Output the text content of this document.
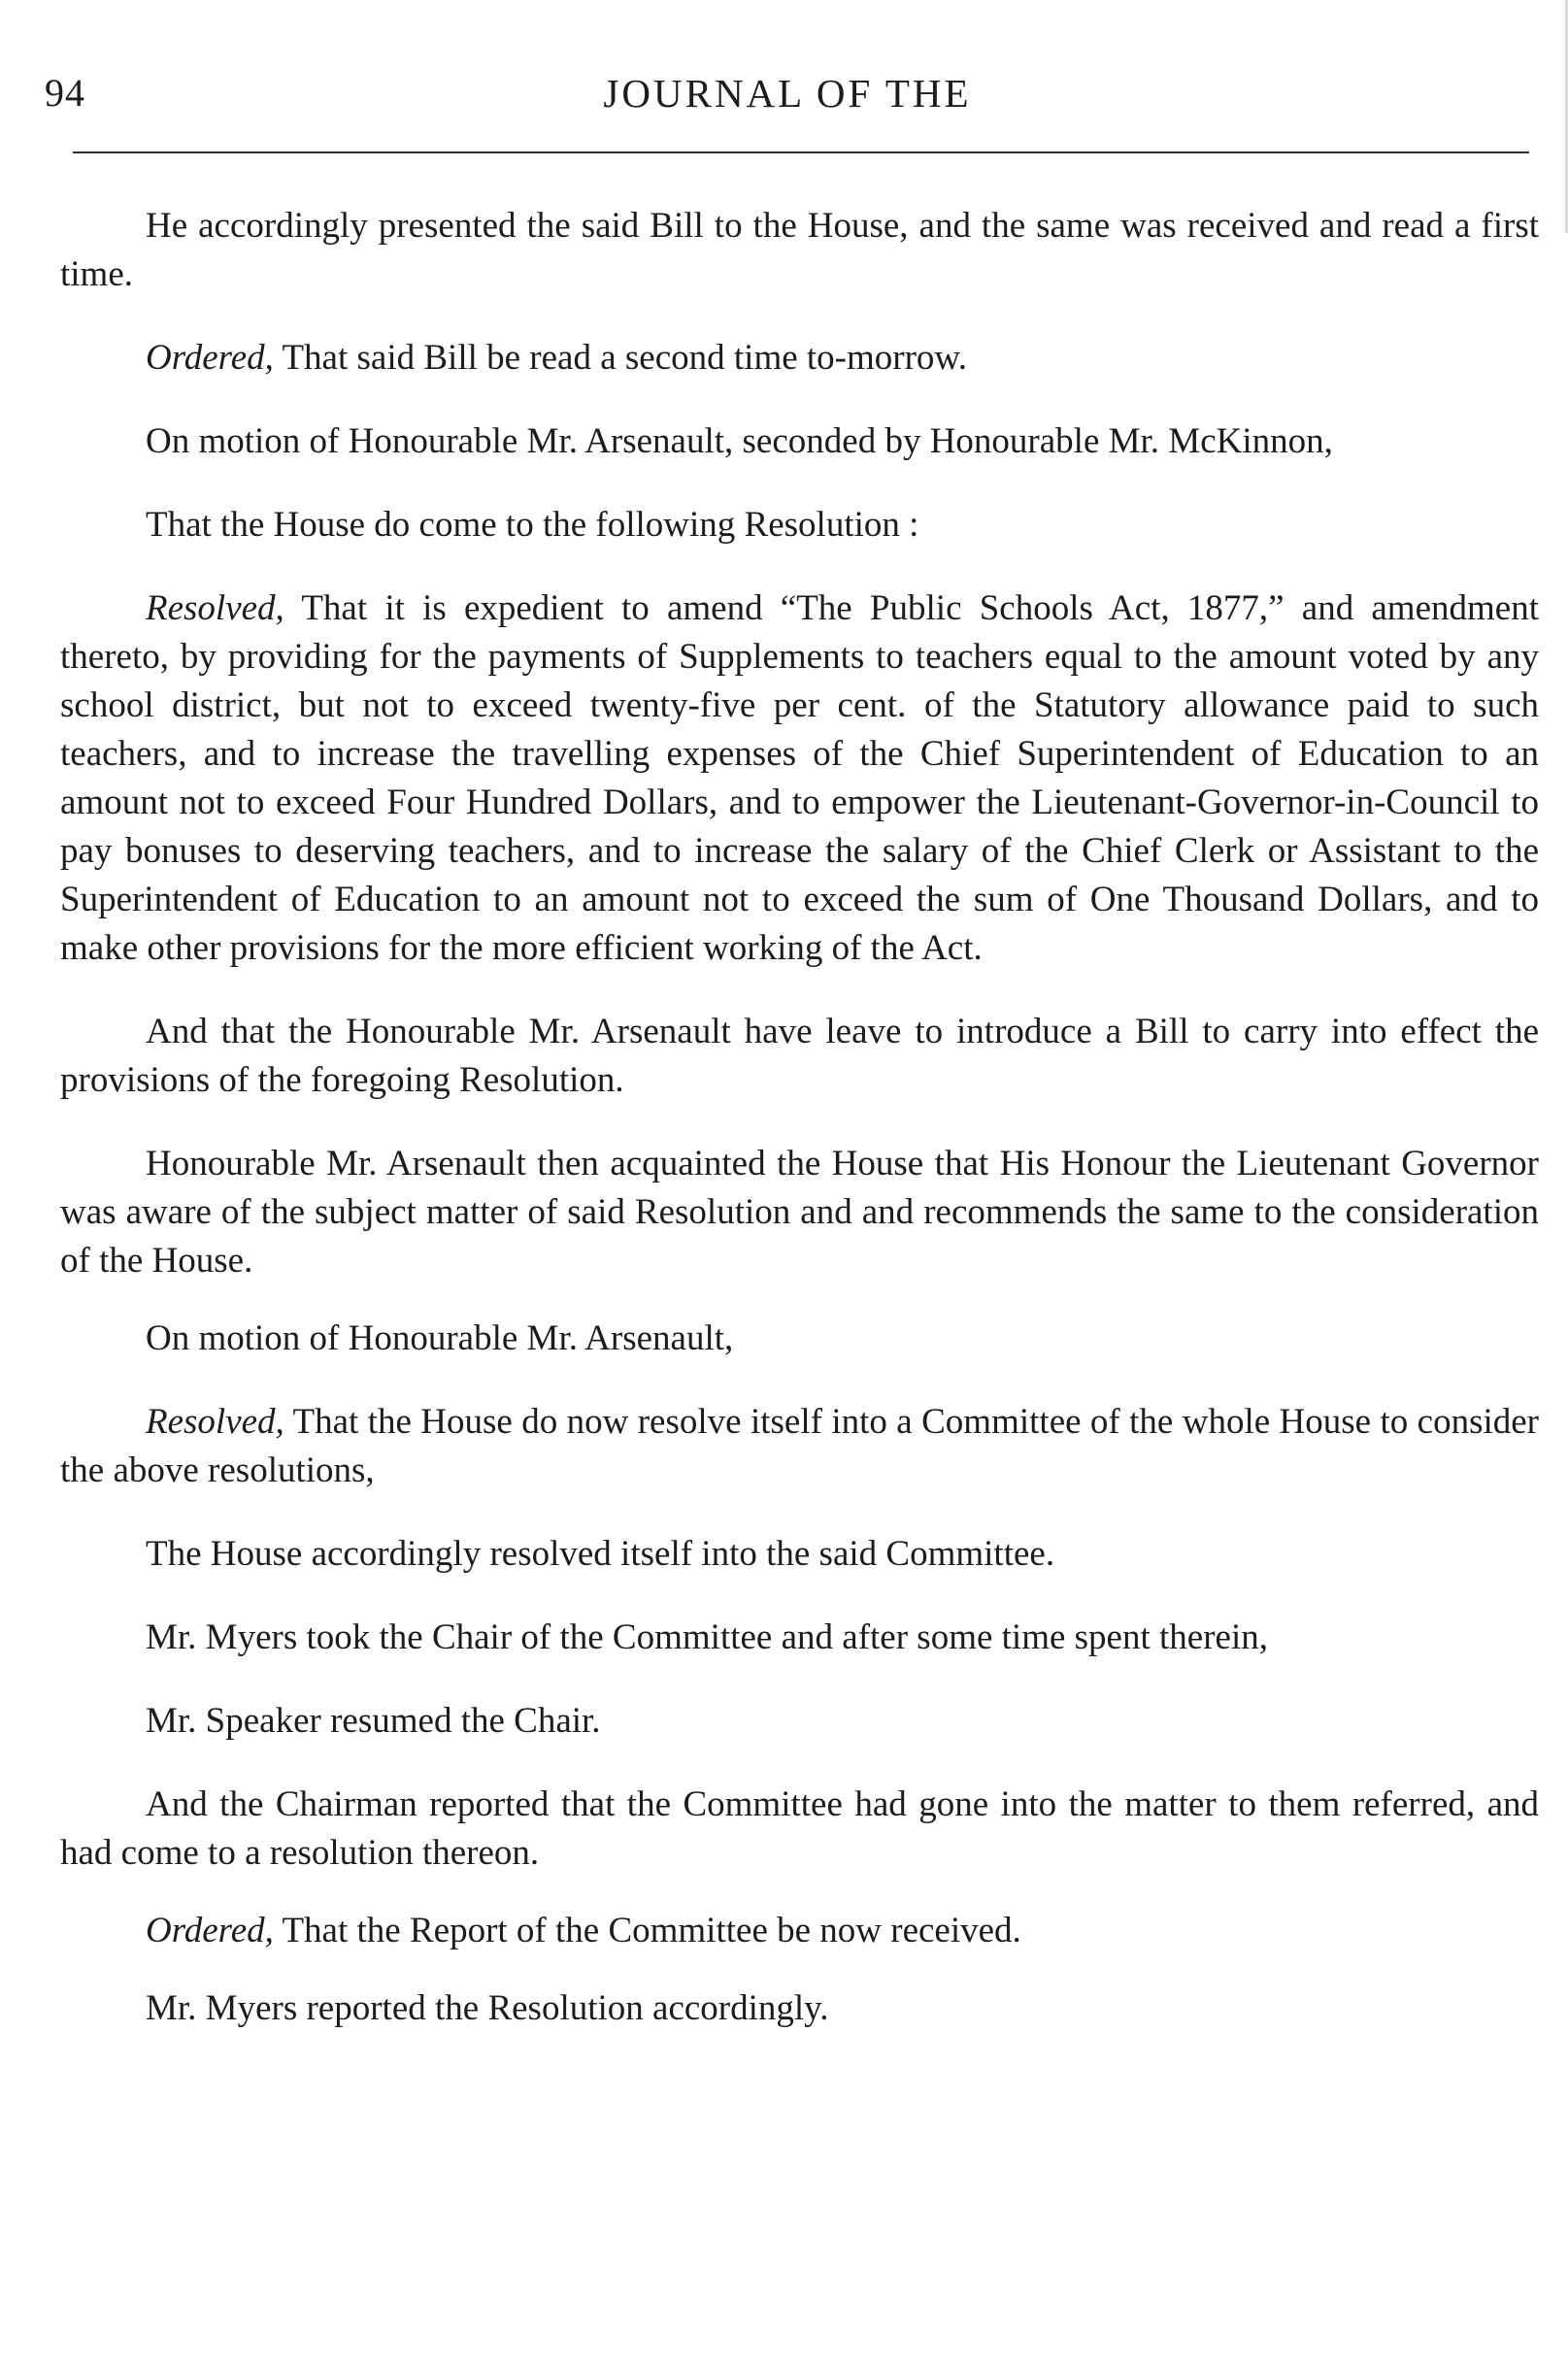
94	JOURNAL OF THE

He accordingly presented the said Bill to the House, and the same was received and read a first time.

Ordered, That said Bill be read a second time to-morrow.

On motion of Honourable Mr. Arsenault, seconded by Honourable Mr. McKinnon,

That the House do come to the following Resolution :

Resolved, That it is expedient to amend “The Public Schools Act, 1877,” and amendment thereto, by providing for the payments of Supplements to teachers equal to the amount voted by any school district, but not to exceed twenty-five per cent. of the Statutory allowance paid to such teachers, and to increase the travelling expenses of the Chief Superintendent of Education to an amount not to exceed Four Hundred Dollars, and to empower the Lieutenant-Governor-in-Council to pay bonuses to deserving teachers, and to increase the salary of the Chief Clerk or Assistant to the Superintendent of Education to an amount not to exceed the sum of One Thousand Dollars, and to make other provisions for the more efficient working of the Act.

And that the Honourable Mr. Arsenault have leave to introduce a Bill to carry into effect the provisions of the foregoing Resolution.

Honourable Mr. Arsenault then acquainted the House that His Honour the Lieutenant Governor was aware of the subject matter of said Resolution and and recommends the same to the consideration of the House.

On motion of Honourable Mr. Arsenault,

Resolved, That the House do now resolve itself into a Committee of the whole House to consider the above resolutions,

The House accordingly resolved itself into the said Committee.

Mr. Myers took the Chair of the Committee and after some time spent therein,

Mr. Speaker resumed the Chair.

And the Chairman reported that the Committee had gone into the matter to them referred, and had come to a resolution thereon.

Ordered, That the Report of the Committee be now received.

Mr. Myers reported the Resolution accordingly.
